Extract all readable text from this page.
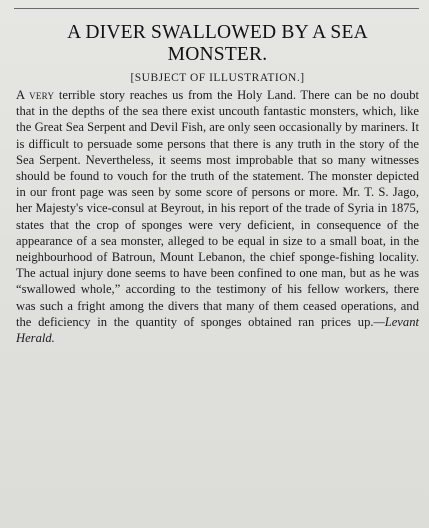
A DIVER SWALLOWED BY A SEA MONSTER.
[SUBJECT OF ILLUSTRATION.]

A very terrible story reaches us from the Holy Land. There can be no doubt that in the depths of the sea there exist uncouth fantastic monsters, which, like the Great Sea Serpent and Devil Fish, are only seen occasionally by mariners. It is difficult to persuade some persons that there is any truth in the story of the Sea Serpent. Nevertheless, it seems most improbable that so many witnesses should be found to vouch for the truth of the statement. The monster depicted in our front page was seen by some score of persons or more. Mr. T. S. Jago, her Majesty's vice-consul at Beyrout, in his report of the trade of Syria in 1875, states that the crop of sponges were very deficient, in consequence of the appearance of a sea monster, alleged to be equal in size to a small boat, in the neighbourhood of Batroun, Mount Lebanon, the chief sponge-fishing locality. The actual injury done seems to have been confined to one man, but as he was “swallowed whole,” according to the testimony of his fellow workers, there was such a fright among the divers that many of them ceased operations, and the deficiency in the quantity of sponges obtained ran prices up.—Levant Herald.
